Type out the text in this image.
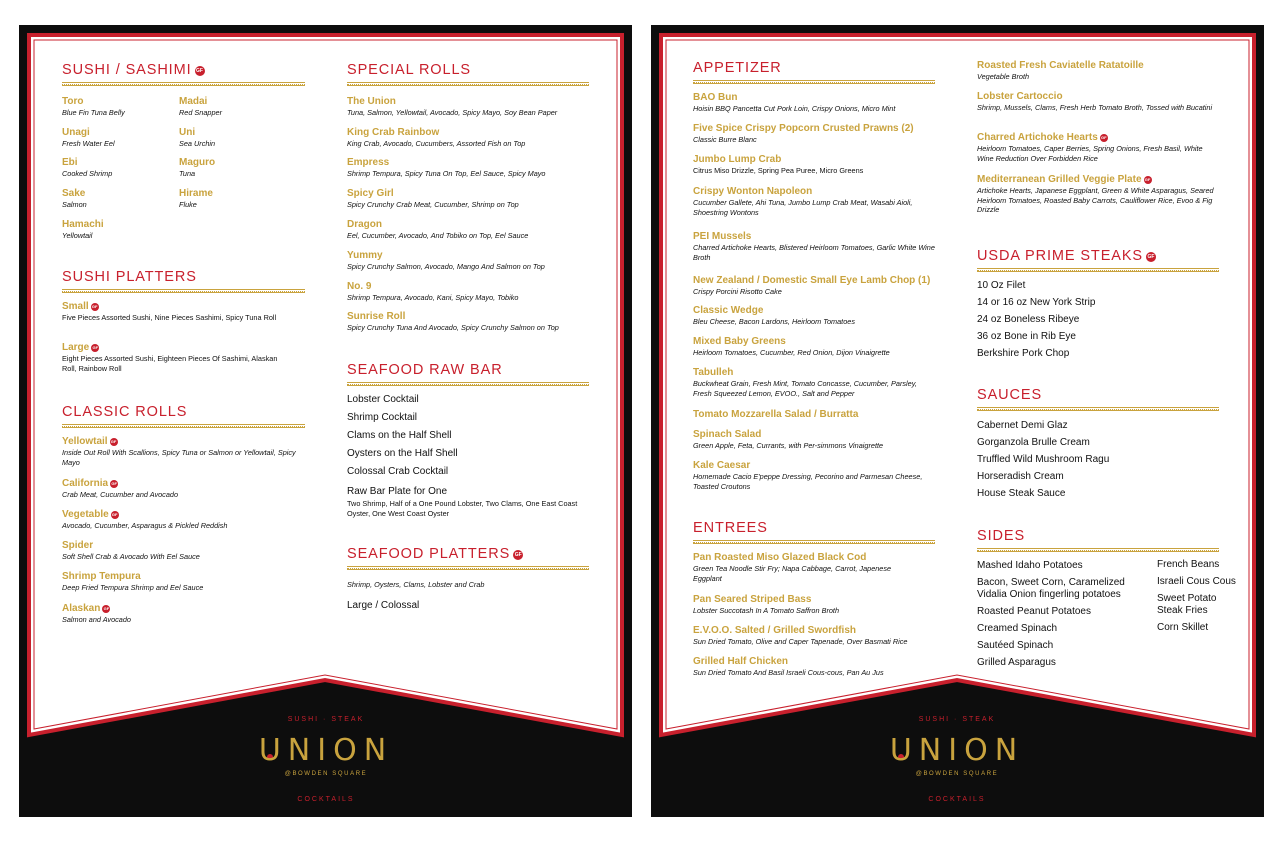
SUSHI / SASHIMI GF
Toro
Blue Fin Tuna Belly
Unagi
Fresh Water Eel
Ebi
Cooked Shrimp
Sake
Salmon
Hamachi
Yellowtail
Madai
Red Snapper
Uni
Sea Urchin
Maguro
Tuna
Hirame
Fluke
SUSHI PLATTERS
Small GF
Five Pieces Assorted Sushi, Nine Pieces Sashimi, Spicy Tuna Roll
Large GF
Eight Pieces Assorted Sushi, Eighteen Pieces Of Sashimi, Alaskan Roll, Rainbow Roll
CLASSIC ROLLS
Yellowtail GF
Inside Out Roll With Scallions, Spicy Tuna or Salmon or Yellowtail, Spicy Mayo
California GF
Crab Meat, Cucumber and Avocado
Vegetable GF
Avocado, Cucumber, Asparagus & Pickled Reddish
Spider
Soft Shell Crab & Avocado With Eel Sauce
Shrimp Tempura
Deep Fried Tempura Shrimp and Eel Sauce
Alaskan GF
Salmon and Avocado
SPECIAL ROLLS
The Union
Tuna, Salmon, Yellowtail, Avocado, Spicy Mayo, Soy Bean Paper
King Crab Rainbow
King Crab, Avocado, Cucumbers, Assorted Fish on Top
Empress
Shrimp Tempura, Spicy Tuna On Top, Eel Sauce, Spicy Mayo
Spicy Girl
Spicy Crunchy Crab Meat, Cucumber, Shrimp on Top
Dragon
Eel, Cucumber, Avocado, And Tobiko on Top, Eel Sauce
Yummy
Spicy Crunchy Salmon, Avocado, Mango And Salmon on Top
No. 9
Shrimp Tempura, Avocado, Kani, Spicy Mayo, Tobiko
Sunrise Roll
Spicy Crunchy Tuna And Avocado, Spicy Crunchy Salmon on Top
SEAFOOD RAW BAR
Lobster Cocktail
Shrimp Cocktail
Clams on the Half Shell
Oysters on the Half Shell
Colossal Crab Cocktail
Raw Bar Plate for One
Two Shrimp, Half of a One Pound Lobster, Two Clams, One East Coast Oyster, One West Coast Oyster
SEAFOOD PLATTERS GF
Shrimp, Oysters, Clams, Lobster and Crab
Large / Colossal
SUSHI · STEAK
COCKTAILS
UNION
@BOWDEN SQUARE
APPETIZER
BAO Bun
Hoisin BBQ Pancetta Cut Pork Loin, Crispy Onions, Micro Mint
Five Spice Crispy Popcorn Crusted Prawns (2)
Classic Burre Blanc
Jumbo Lump Crab
Citrus Miso Drizzle, Spring Pea Puree, Micro Greens
Crispy Wonton Napoleon
Cucumber Gallete, Ahi Tuna, Jumbo Lump Crab Meat, Wasabi Aioli, Shoestring Wontons
PEI Mussels
Charred Artichoke Hearts, Blistered Heirloom Tomatoes, Garlic White Wine Broth
New Zealand / Domestic Small Eye Lamb Chop (1)
Crispy Porcini Risotto Cake
Classic Wedge
Bleu Cheese, Bacon Lardons, Heirloom Tomatoes
Mixed Baby Greens
Heirloom Tomatoes, Cucumber, Red Onion, Dijon Vinaigrette
Tabulleh
Buckwheat Grain, Fresh Mint, Tomato Concasse, Cucumber, Parsley, Fresh Squeezed Lemon, EVOO., Salt and Pepper
Tomato Mozzarella Salad / Burratta
Spinach Salad
Green Apple, Feta, Currants, with Per-simmons Vinaigrette
Kale Caesar
Homemade Cacio E'peppe Dressing, Pecorino and Parmesan Cheese, Toasted Croutons
ENTREES
Pan Roasted Miso Glazed Black Cod
Green Tea Noodle Stir Fry; Napa Cabbage, Carrot, Japenese Eggplant
Pan Seared Striped Bass
Lobster Succotash In A Tomato Saffron Broth
E.V.O.O. Salted / Grilled Swordfish
Sun Dried Tomato, Olive and Caper Tapenade, Over Basmati Rice
Grilled Half Chicken
Sun Dried Tomato And Basil Israeli Cous-cous, Pan Au Jus
Roasted Fresh Caviatelle Ratatoille
Vegetable Broth
Lobster Cartoccio
Shrimp, Mussels, Clams, Fresh Herb Tomato Broth, Tossed with Bucatini
Charred Artichoke Hearts GF
Heirloom Tomatoes, Caper Berries, Spring Onions, Fresh Basil, White Wine Reduction Over Forbidden Rice
Mediterranean Grilled Veggie Plate GF
Artichoke Hearts, Japanese Eggplant, Green & White Asparagus, Seared Heirloom Tomatoes, Roasted Baby Carrots, Cauliflower Rice, Evoo & Fig Drizzle
USDA PRIME STEAKS GF
10 Oz Filet
14 or 16 oz New York Strip
24 oz Boneless Ribeye
36 oz Bone in Rib Eye
Berkshire Pork Chop
SAUCES
Cabernet Demi Glaz
Gorganzola Brulle Cream
Truffled Wild Mushroom Ragu
Horseradish Cream
House Steak Sauce
SIDES
Mashed Idaho Potatoes
Bacon, Sweet Corn, Caramelized
Vidalia Onion fingerling potatoes
Roasted Peanut Potatoes
Creamed Spinach
Sautéed Spinach
Grilled Asparagus
French Beans
Israeli Cous Cous
Sweet Potato
Steak Fries
Corn Skillet
SUSHI · STEAK
COCKTAILS
UNION
@BOWDEN SQUARE
